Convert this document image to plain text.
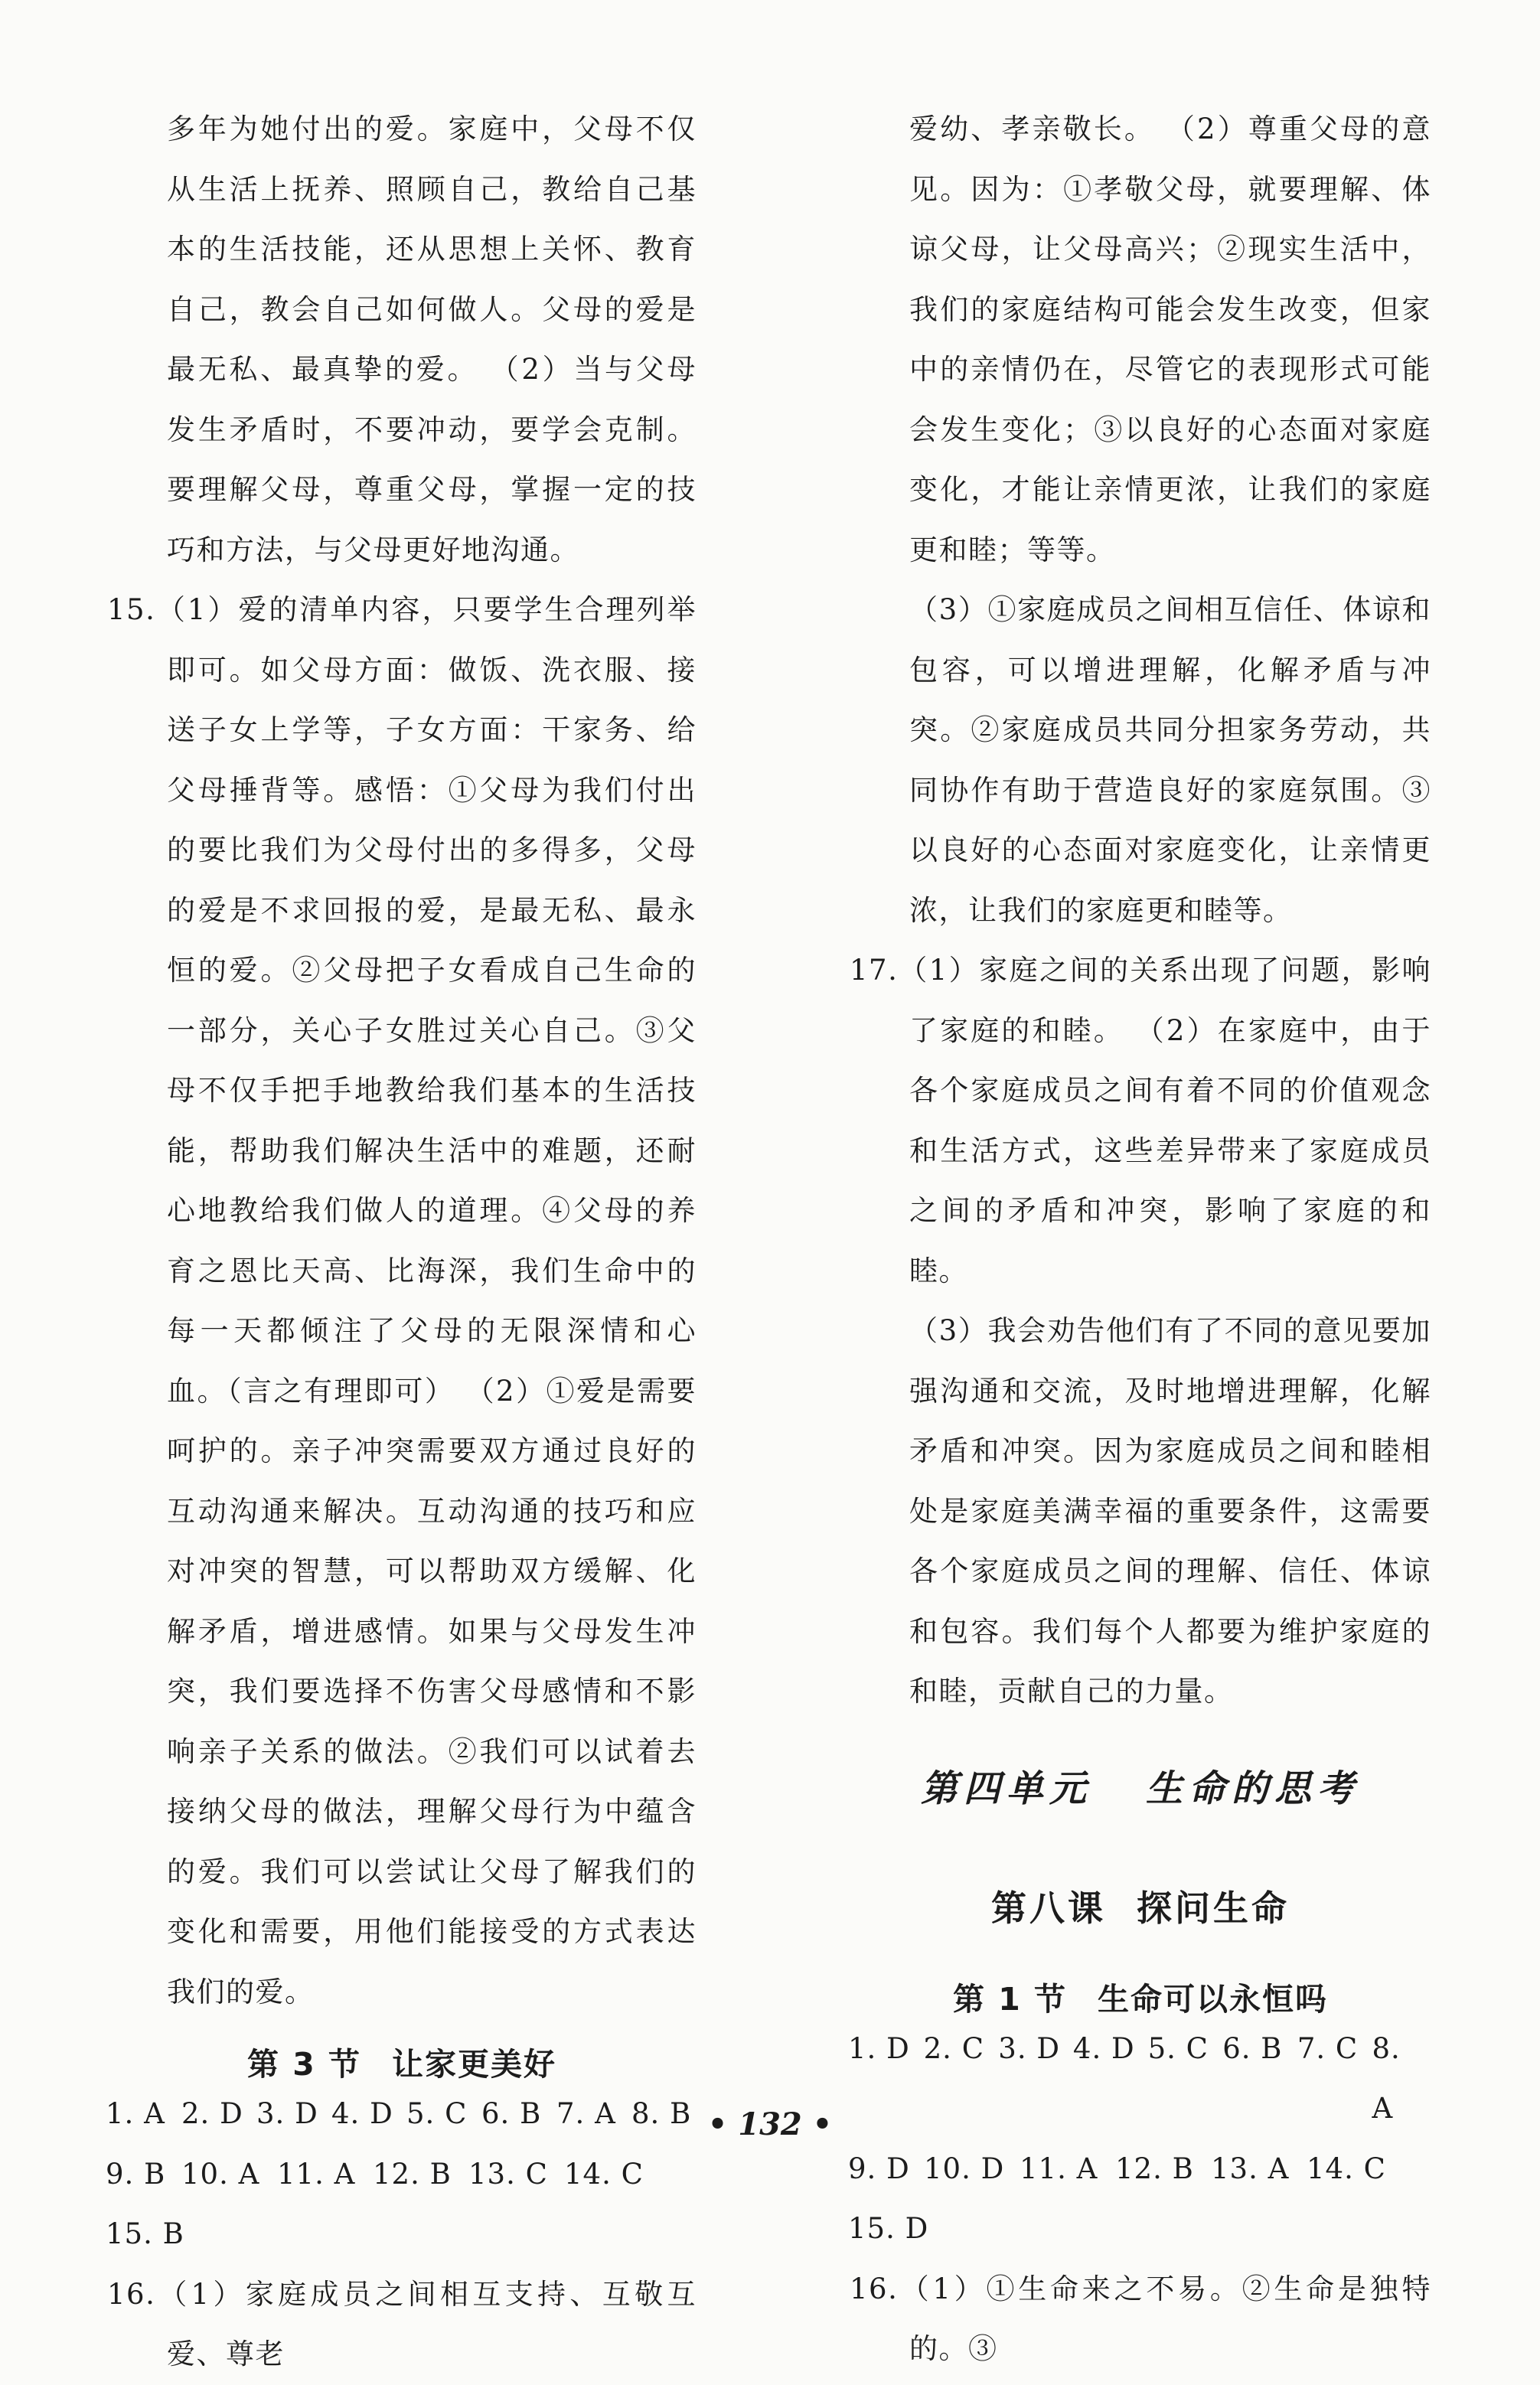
多年为她付出的爱。家庭中，父母不仅从生活上抚养、照顾自己，教给自己基本的生活技能，还从思想上关怀、教育自己，教会自己如何做人。父母的爱是最无私、最真挚的爱。 （2）当与父母发生矛盾时，不要冲动，要学会克制。要理解父母，尊重父母，掌握一定的技巧和方法，与父母更好地沟通。

15.（1）爱的清单内容，只要学生合理列举即可。如父母方面：做饭、洗衣服、接送子女上学等，子女方面：干家务、给父母捶背等。感悟：①父母为我们付出的要比我们为父母付出的多得多，父母的爱是不求回报的爱，是最无私、最永恒的爱。②父母把子女看成自己生命的一部分，关心子女胜过关心自己。③父母不仅手把手地教给我们基本的生活技能，帮助我们解决生活中的难题，还耐心地教给我们做人的道理。④父母的养育之恩比天高、比海深，我们生命中的每一天都倾注了父母的无限深情和心血。（言之有理即可） （2）①爱是需要呵护的。亲子冲突需要双方通过良好的互动沟通来解决。互动沟通的技巧和应对冲突的智慧，可以帮助双方缓解、化解矛盾，增进感情。如果与父母发生冲突，我们要选择不伤害父母感情和不影响亲子关系的做法。②我们可以试着去接纳父母的做法，理解父母行为中蕴含的爱。我们可以尝试让父母了解我们的变化和需要，用他们能接受的方式表达我们的爱。

第 3 节 让家更美好

1. A 2. D 3. D 4. D 5. C 6. B 7. A 8. B
9. B 10. A 11. A 12. B 13. C 14. C
15. B

16.（1）家庭成员之间相互支持、互敬互爱、尊老

爱幼、孝亲敬长。 （2）尊重父母的意见。因为：①孝敬父母，就要理解、体谅父母，让父母高兴；②现实生活中，我们的家庭结构可能会发生改变，但家中的亲情仍在，尽管它的表现形式可能会发生变化；③以良好的心态面对家庭变化，才能让亲情更浓，让我们的家庭更和睦；等等。

（3）①家庭成员之间相互信任、体谅和包容，可以增进理解，化解矛盾与冲突。②家庭成员共同分担家务劳动，共同协作有助于营造良好的家庭氛围。③以良好的心态面对家庭变化，让亲情更浓，让我们的家庭更和睦等。

17.（1）家庭之间的关系出现了问题，影响了家庭的和睦。 （2）在家庭中，由于各个家庭成员之间有着不同的价值观念和生活方式，这些差异带来了家庭成员之间的矛盾和冲突，影响了家庭的和睦。

（3）我会劝告他们有了不同的意见要加强沟通和交流，及时地增进理解，化解矛盾和冲突。因为家庭成员之间和睦相处是家庭美满幸福的重要条件，这需要各个家庭成员之间的理解、信任、体谅和包容。我们每个人都要为维护家庭的和睦，贡献自己的力量。

第四单元 生命的思考

第八课 探问生命

第 1 节 生命可以永恒吗

1. D 2. C 3. D 4. D 5. C 6. B 7. C 8. A
9. D 10. D 11. A 12. B 13. A 14. C
15. D

16.（1）①生命来之不易。②生命是独特的。③

• 132 •
